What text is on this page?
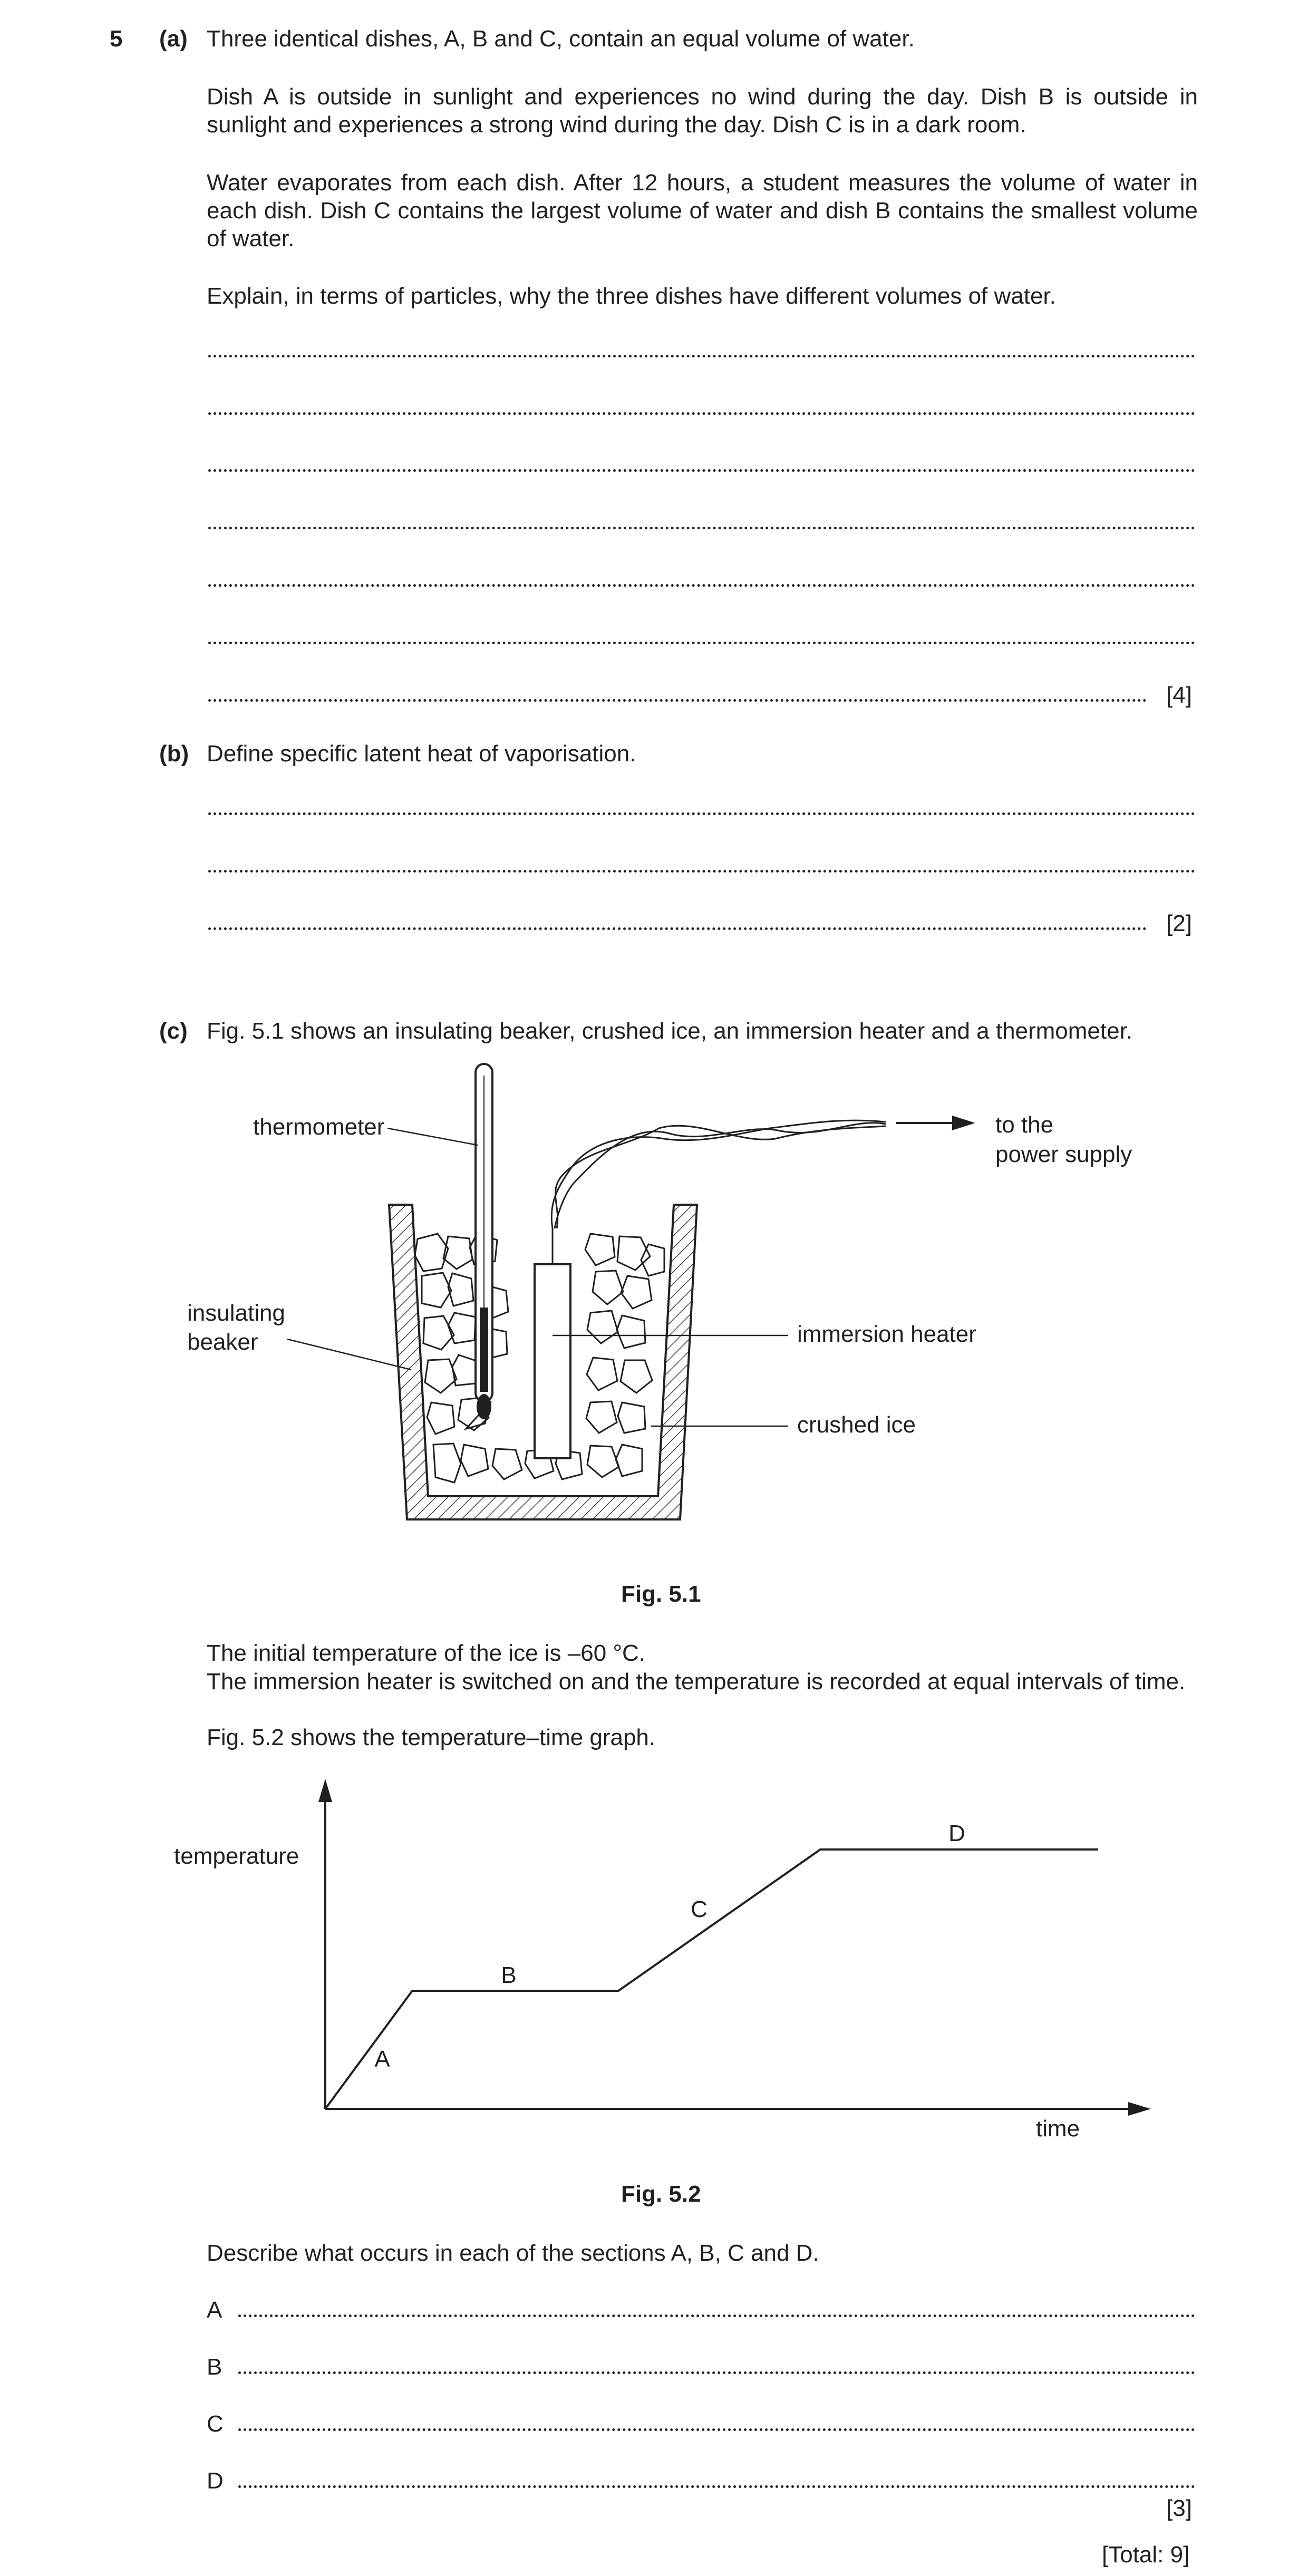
5 (a) Three identical dishes, A, B and C, contain an equal volume of water.
Dish A is outside in sunlight and experiences no wind during the day. Dish B is outside in sunlight and experiences a strong wind during the day. Dish C is in a dark room.
Water evaporates from each dish. After 12 hours, a student measures the volume of water in each dish. Dish C contains the largest volume of water and dish B contains the smallest volume of water.
Explain, in terms of particles, why the three dishes have different volumes of water.
[4]
(b) Define specific latent heat of vaporisation.
[2]
(c) Fig. 5.1 shows an insulating beaker, crushed ice, an immersion heater and a thermometer.
thermometer	to the
power supply
insulating
beaker	immersion heater
crushed ice
Fig. 5.1
The initial temperature of the ice is –60 °C.
The immersion heater is switched on and the temperature is recorded at equal intervals of time.
Fig. 5.2 shows the temperature–time graph.
A
B
C
D
temperature
time
Fig. 5.2
Describe what occurs in each of the sections A, B, C and D.
A
B
C
D
[3]
[Total: 9]
